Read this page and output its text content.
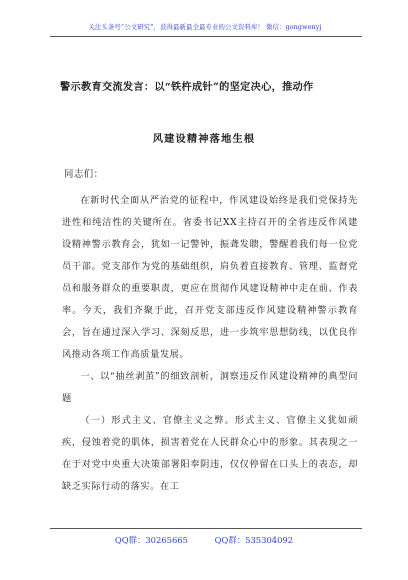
关注头条号“公文研究”，获得最新最全最专业的公文资料库！ 微信：gongwenyj
警示教育交流发言：以“铁杵成针”的坚定决心，推动作
风建设精神落地生根
同志们：

在新时代全面从严治党的征程中，作风建设始终是我们党保持先进性和纯洁性的关键所在。省委书记XX主持召开的全省违反作风建设精神警示教育会，犹如一记警钟，振聋发聩，警醒着我们每一位党员干部。党支部作为党的基础组织，肩负着直接教育、管理、监督党员和服务群众的重要职责，更应在贯彻作风建设精神中走在前、作表率。今天，我们齐聚于此，召开党支部违反作风建设精神警示教育会，旨在通过深入学习、深刻反思，进一步筑牢思想防线，以优良作风推动各项工作高质量发展。

一、以“抽丝剥茧”的细致剖析，洞察违反作风建设精神的典型问题

（一）形式主义、官僚主义之弊。形式主义、官僚主义犹如顽疾，侵蚀着党的肌体，损害着党在人民群众心中的形象。其表现之一在于对党中央重大决策部署阳奉阴违，仅仅停留在口头上的表态，却缺乏实际行动的落实。在工

QQ群：30265665	QQ群：535304092
